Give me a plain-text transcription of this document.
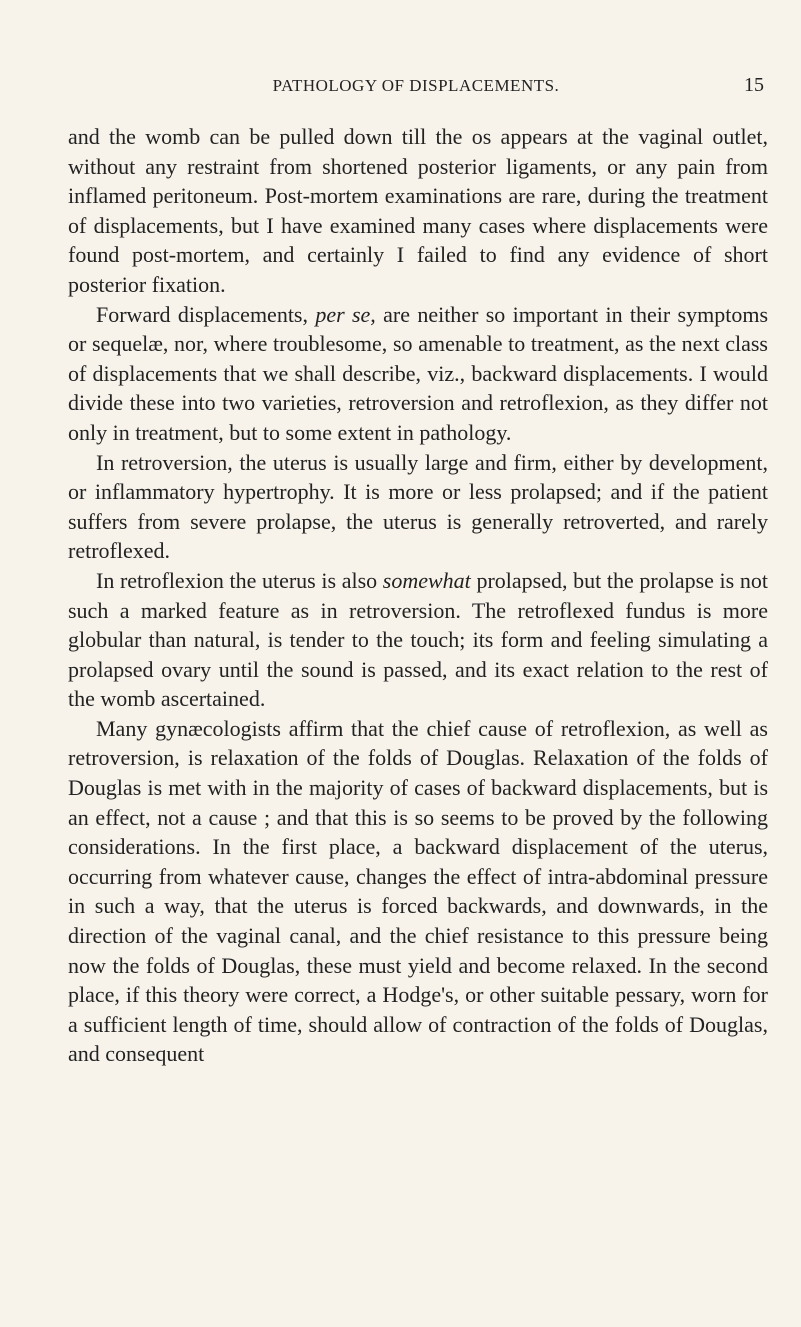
PATHOLOGY OF DISPLACEMENTS.	15

and the womb can be pulled down till the os appears at the vaginal outlet, without any restraint from shortened posterior ligaments, or any pain from inflamed peritoneum. Post-mortem examinations are rare, during the treatment of displacements, but I have examined many cases where displacements were found post-mortem, and certainly I failed to find any evidence of short posterior fixation.

Forward displacements, per se, are neither so important in their symptoms or sequelæ, nor, where troublesome, so amenable to treatment, as the next class of displacements that we shall describe, viz., backward displacements. I would divide these into two varieties, retroversion and retroflexion, as they differ not only in treatment, but to some extent in pathology.

In retroversion, the uterus is usually large and firm, either by development, or inflammatory hypertrophy. It is more or less prolapsed; and if the patient suffers from severe prolapse, the uterus is generally retroverted, and rarely retroflexed.

In retroflexion the uterus is also somewhat prolapsed, but the prolapse is not such a marked feature as in retroversion. The retroflexed fundus is more globular than natural, is tender to the touch; its form and feeling simulating a prolapsed ovary until the sound is passed, and its exact relation to the rest of the womb ascertained.

Many gynæcologists affirm that the chief cause of retroflexion, as well as retroversion, is relaxation of the folds of Douglas. Relaxation of the folds of Douglas is met with in the majority of cases of backward displacements, but is an effect, not a cause ; and that this is so seems to be proved by the following considerations. In the first place, a backward displacement of the uterus, occurring from whatever cause, changes the effect of intra-abdominal pressure in such a way, that the uterus is forced backwards, and downwards, in the direction of the vaginal canal, and the chief resistance to this pressure being now the folds of Douglas, these must yield and become relaxed. In the second place, if this theory were correct, a Hodge's, or other suitable pessary, worn for a sufficient length of time, should allow of contraction of the folds of Douglas, and consequent
